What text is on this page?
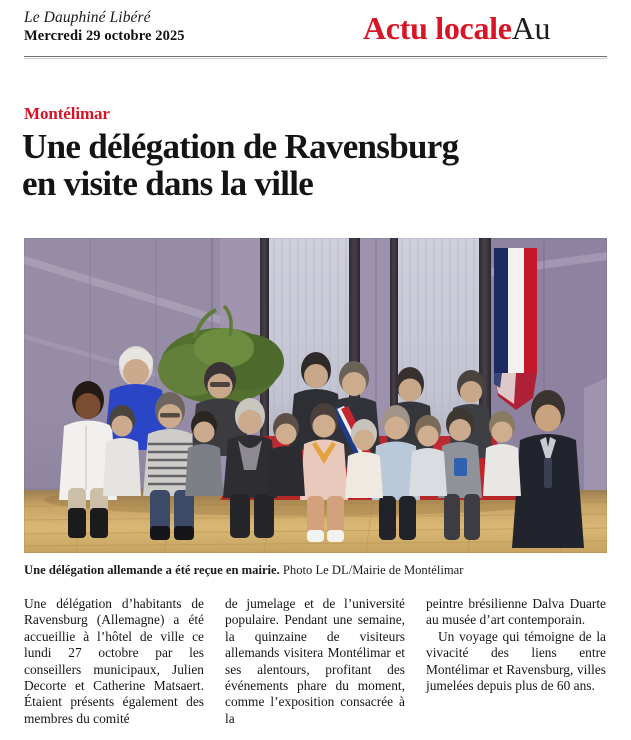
Le Dauphiné Libéré
Mercredi 29 octobre 2025	Actu localeAu
Montélimar
Une délégation de Ravensburg
en visite dans la ville
Une délégation allemande a été reçue en mairie. Photo Le DL/Mairie de Montélimar

Une délégation d’habitants de Ravensburg (Allemagne) a été accueillie à l’hôtel de ville ce lundi 27 octobre par les conseillers municipaux, Julien Decorte et Catherine Matsaert. Étaient présents également des membres du comité

de jumelage et de l’université populaire. Pendant une semaine, la quinzaine de visiteurs allemands visitera Montélimar et ses alentours, profitant des événements phare du moment, comme l’exposition consacrée à la

peintre brésilienne Dalva Duarte au musée d’art contemporain.

Un voyage qui témoigne de la vivacité des liens entre Montélimar et Ravensburg, villes jumelées depuis plus de 60 ans.
